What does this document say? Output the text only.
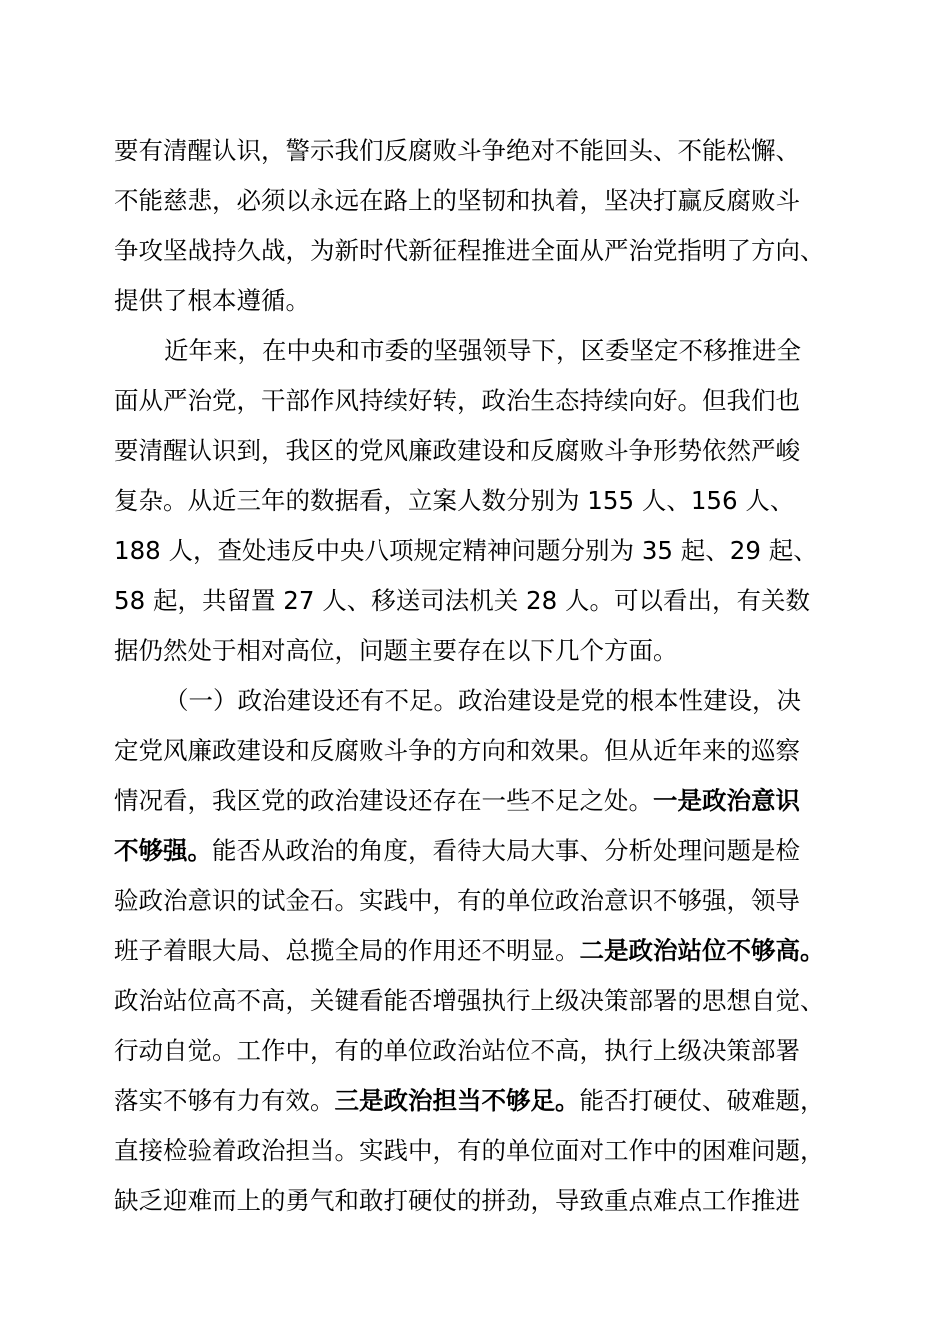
要有清醒认识，警示我们反腐败斗争绝对不能回头、不能松懈、
不能慈悲，必须以永远在路上的坚韧和执着，坚决打赢反腐败斗
争攻坚战持久战，为新时代新征程推进全面从严治党指明了方向、
提供了根本遵循。
近年来，在中央和市委的坚强领导下，区委坚定不移推进全
面从严治党，干部作风持续好转，政治生态持续向好。但我们也
要清醒认识到，我区的党风廉政建设和反腐败斗争形势依然严峻
复杂。从近三年的数据看，立案人数分别为 155 人、156 人、
188 人，查处违反中央八项规定精神问题分别为 35 起、29 起、
58 起，共留置 27 人、移送司法机关 28 人。可以看出，有关数
据仍然处于相对高位，问题主要存在以下几个方面。
（一）政治建设还有不足。政治建设是党的根本性建设，决
定党风廉政建设和反腐败斗争的方向和效果。但从近年来的巡察
情况看，我区党的政治建设还存在一些不足之处。一是政治意识
不够强。能否从政治的角度，看待大局大事、分析处理问题是检
验政治意识的试金石。实践中，有的单位政治意识不够强，领导
班子着眼大局、总揽全局的作用还不明显。二是政治站位不够高。
政治站位高不高，关键看能否增强执行上级决策部署的思想自觉、
行动自觉。工作中，有的单位政治站位不高，执行上级决策部署
落实不够有力有效。三是政治担当不够足。能否打硬仗、破难题，
直接检验着政治担当。实践中，有的单位面对工作中的困难问题，
缺乏迎难而上的勇气和敢打硬仗的拼劲，导致重点难点工作推进
